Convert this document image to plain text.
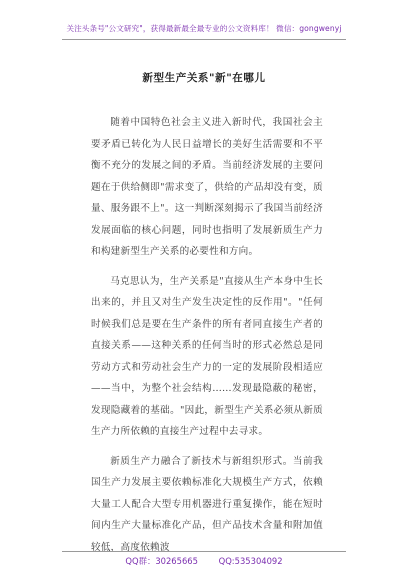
关注头条号"公文研究"，获得最新最全最专业的公文资料库！ 微信：gongwenyj
新型生产关系"新"在哪儿

随着中国特色社会主义进入新时代，我国社会主要矛盾已转化为人民日益增长的美好生活需要和不平衡不充分的发展之间的矛盾。当前经济发展的主要问题在于供给侧即"需求变了，供给的产品却没有变，质量、服务跟不上"。这一判断深刻揭示了我国当前经济发展面临的核心问题，同时也指明了发展新质生产力和构建新型生产关系的必要性和方向。

马克思认为，生产关系是"直接从生产本身中生长出来的，并且又对生产发生决定性的反作用"。"任何时候我们总是要在生产条件的所有者同直接生产者的直接关系——这种关系的任何当时的形式必然总是同劳动方式和劳动社会生产力的一定的发展阶段相适应——当中，为整个社会结构……发现最隐蔽的秘密，发现隐藏着的基础。"因此，新型生产关系必须从新质生产力所依赖的直接生产过程中去寻求。

新质生产力融合了新技术与新组织形式。当前我国生产力发展主要依赖标准化大规模生产方式，依赖大量工人配合大型专用机器进行重复操作，能在短时间内生产大量标准化产品，但产品技术含量和附加值较低，高度依赖波

QQ群：30265665 QQ:535304092
